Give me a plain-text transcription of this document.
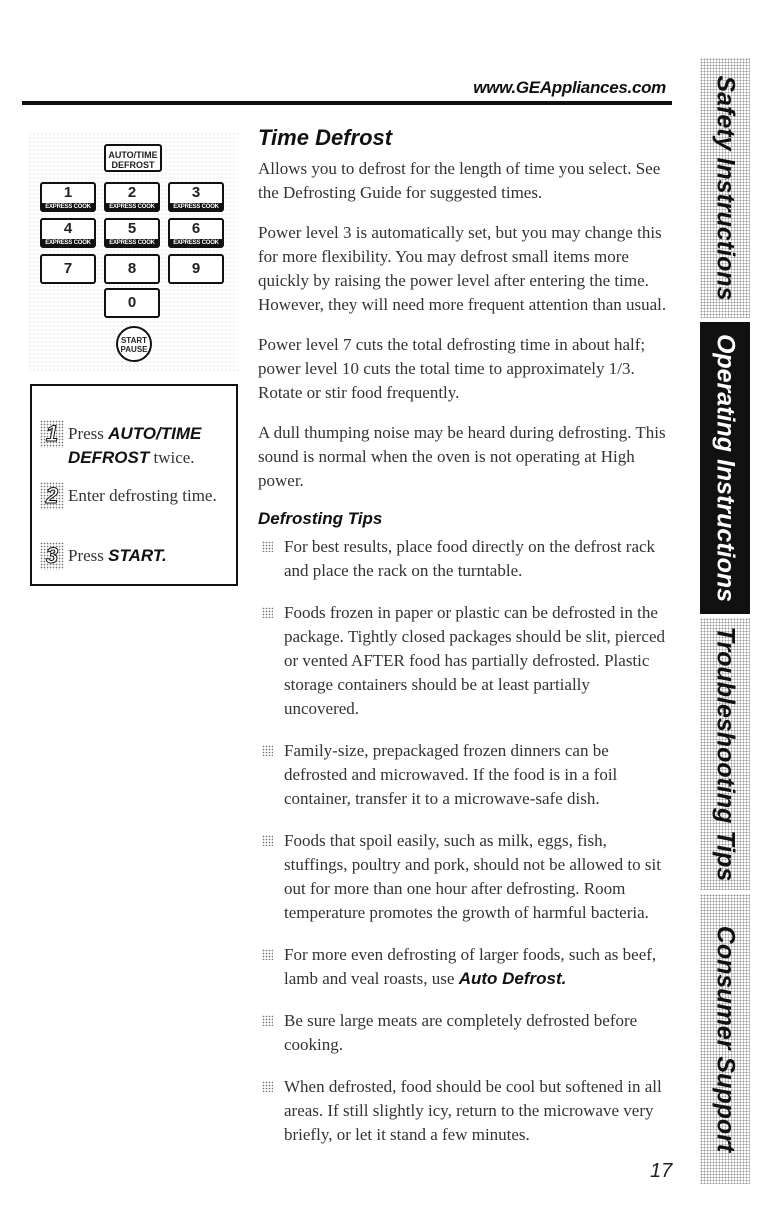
www.GEAppliances.com
AUTO/TIME DEFROST
1
EXPRESS COOK
2
EXPRESS COOK
3
EXPRESS COOK
4
EXPRESS COOK
5
EXPRESS COOK
6
EXPRESS COOK
7	8	9
0
START PAUSE
1 Press AUTO/TIME DEFROST twice.
2 Enter defrosting time.
3 Press START.
Time Defrost

Allows you to defrost for the length of time you select. See the Defrosting Guide for suggested times.

Power level 3 is automatically set, but you may change this for more flexibility. You may defrost small items more quickly by raising the power level after entering the time. However, they will need more frequent attention than usual.

Power level 7 cuts the total defrosting time in about half; power level 10 cuts the total time to approximately 1/3. Rotate or stir food frequently.

A dull thumping noise may be heard during defrosting. This sound is normal when the oven is not operating at High power.

Defrosting Tips
For best results, place food directly on the defrost rack and place the rack on the turntable.
Foods frozen in paper or plastic can be defrosted in the package. Tightly closed packages should be slit, pierced or vented AFTER food has partially defrosted. Plastic storage containers should be at least partially uncovered.
Family-size, prepackaged frozen dinners can be defrosted and microwaved. If the food is in a foil container, transfer it to a microwave-safe dish.
Foods that spoil easily, such as milk, eggs, fish, stuffings, poultry and pork, should not be allowed to sit out for more than one hour after defrosting. Room temperature promotes the growth of harmful bacteria.
For more even defrosting of larger foods, such as beef, lamb and veal roasts, use Auto Defrost.
Be sure large meats are completely defrosted before cooking.
When defrosted, food should be cool but softened in all areas. If still slightly icy, return to the microwave very briefly, or let it stand a few minutes.
17
Safety Instructions
Operating Instructions
Troubleshooting Tips
Consumer Support
